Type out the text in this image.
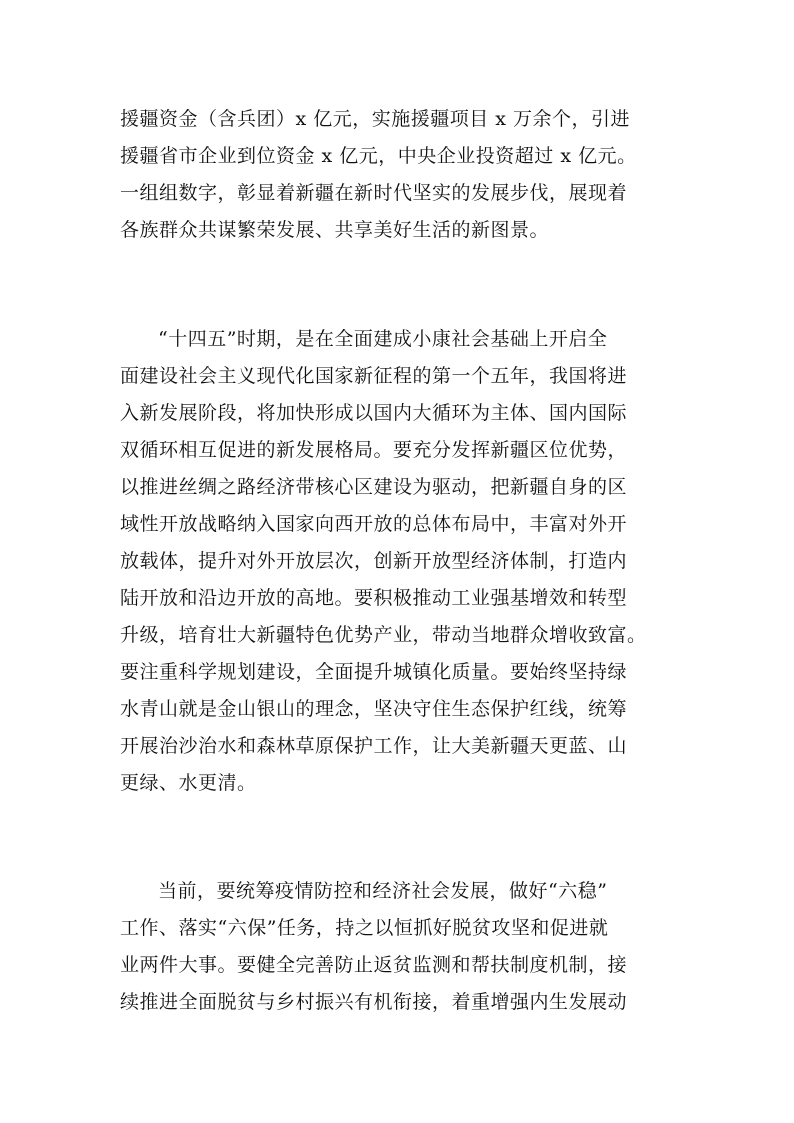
援疆资金（含兵团）x 亿元，实施援疆项目 x 万余个，引进
援疆省市企业到位资金 x 亿元，中央企业投资超过 x 亿元。
一组组数字，彰显着新疆在新时代坚实的发展步伐，展现着
各族群众共谋繁荣发展、共享美好生活的新图景。
“十四五”时期，是在全面建成小康社会基础上开启全
面建设社会主义现代化国家新征程的第一个五年，我国将进
入新发展阶段，将加快形成以国内大循环为主体、国内国际
双循环相互促进的新发展格局。要充分发挥新疆区位优势，
以推进丝绸之路经济带核心区建设为驱动，把新疆自身的区
域性开放战略纳入国家向西开放的总体布局中，丰富对外开
放载体，提升对外开放层次，创新开放型经济体制，打造内
陆开放和沿边开放的高地。要积极推动工业强基增效和转型
升级，培育壮大新疆特色优势产业，带动当地群众增收致富。
要注重科学规划建设，全面提升城镇化质量。要始终坚持绿
水青山就是金山银山的理念，坚决守住生态保护红线，统筹
开展治沙治水和森林草原保护工作，让大美新疆天更蓝、山
更绿、水更清。
当前，要统筹疫情防控和经济社会发展，做好“六稳”
工作、落实“六保”任务，持之以恒抓好脱贫攻坚和促进就
业两件大事。要健全完善防止返贫监测和帮扶制度机制，接
续推进全面脱贫与乡村振兴有机衔接，着重增强内生发展动
